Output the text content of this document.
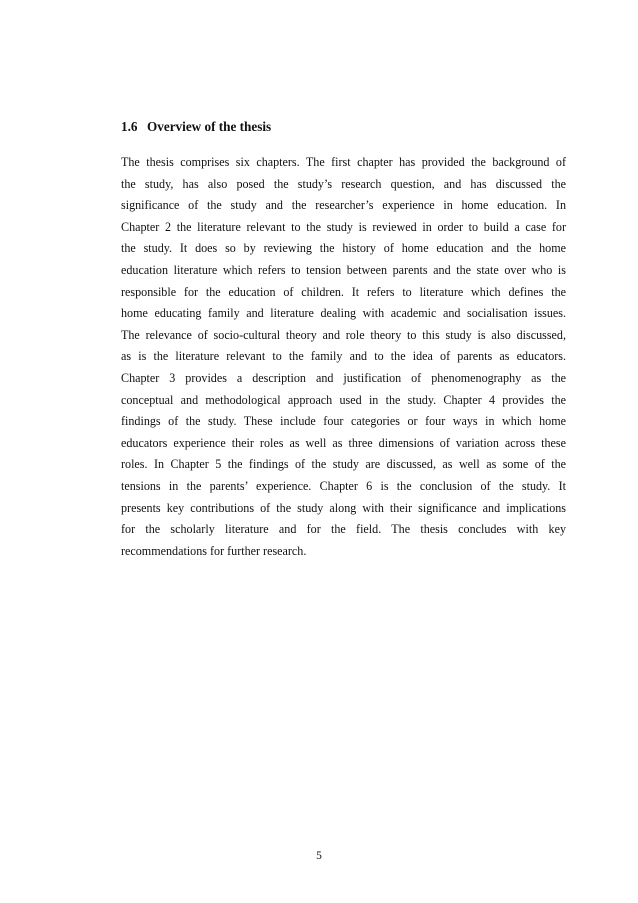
1.6 Overview of the thesis
The thesis comprises six chapters. The first chapter has provided the background of
the study, has also posed the study’s research question, and has discussed the
significance of the study and the researcher’s experience in home education. In
Chapter 2 the literature relevant to the study is reviewed in order to build a case for
the study. It does so by reviewing the history of home education and the home
education literature which refers to tension between parents and the state over who is
responsible for the education of children. It refers to literature which defines the
home educating family and literature dealing with academic and socialisation issues.
The relevance of socio-cultural theory and role theory to this study is also discussed,
as is the literature relevant to the family and to the idea of parents as educators.
Chapter 3 provides a description and justification of phenomenography as the
conceptual and methodological approach used in the study. Chapter 4 provides the
findings of the study. These include four categories or four ways in which home
educators experience their roles as well as three dimensions of variation across these
roles. In Chapter 5 the findings of the study are discussed, as well as some of the
tensions in the parents’ experience. Chapter 6 is the conclusion of the study. It
presents key contributions of the study along with their significance and implications
for the scholarly literature and for the field. The thesis concludes with key
recommendations for further research.
5
